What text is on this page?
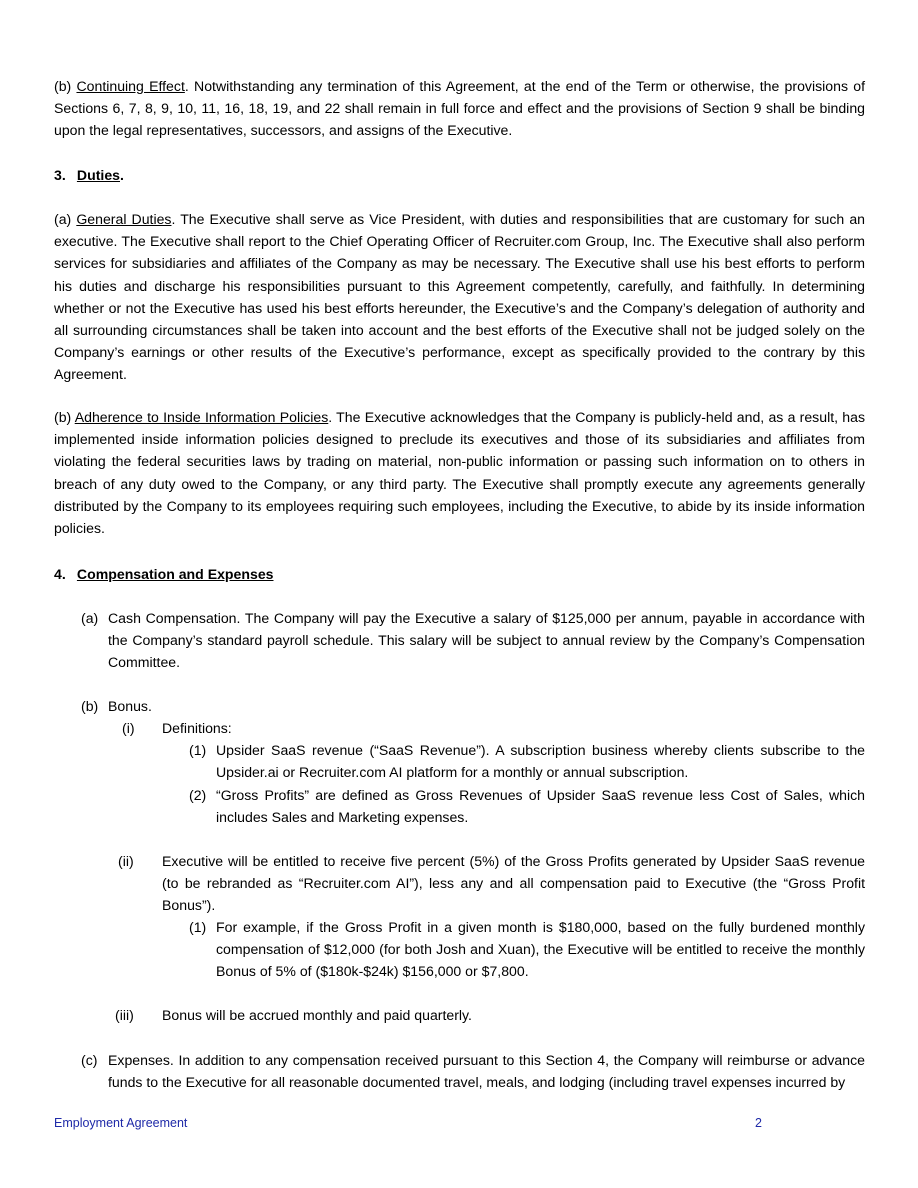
(b) Continuing Effect. Notwithstanding any termination of this Agreement, at the end of the Term or otherwise, the provisions of Sections 6, 7, 8, 9, 10, 11, 16, 18, 19, and 22 shall remain in full force and effect and the provisions of Section 9 shall be binding upon the legal representatives, successors, and assigns of the Executive.
3. Duties.
(a) General Duties. The Executive shall serve as Vice President, with duties and responsibilities that are customary for such an executive. The Executive shall report to the Chief Operating Officer of Recruiter.com Group, Inc. The Executive shall also perform services for subsidiaries and affiliates of the Company as may be necessary. The Executive shall use his best efforts to perform his duties and discharge his responsibilities pursuant to this Agreement competently, carefully, and faithfully. In determining whether or not the Executive has used his best efforts hereunder, the Executive’s and the Company’s delegation of authority and all surrounding circumstances shall be taken into account and the best efforts of the Executive shall not be judged solely on the Company’s earnings or other results of the Executive’s performance, except as specifically provided to the contrary by this Agreement.
(b) Adherence to Inside Information Policies. The Executive acknowledges that the Company is publicly-held and, as a result, has implemented inside information policies designed to preclude its executives and those of its subsidiaries and affiliates from violating the federal securities laws by trading on material, non-public information or passing such information on to others in breach of any duty owed to the Company, or any third party. The Executive shall promptly execute any agreements generally distributed by the Company to its employees requiring such employees, including the Executive, to abide by its inside information policies.
4. Compensation and Expenses
(a) Cash Compensation. The Company will pay the Executive a salary of $125,000 per annum, payable in accordance with the Company’s standard payroll schedule. This salary will be subject to annual review by the Company’s Compensation Committee.
(b) Bonus.
(i) Definitions:
(1) Upsider SaaS revenue (“SaaS Revenue”). A subscription business whereby clients subscribe to the Upsider.ai or Recruiter.com AI platform for a monthly or annual subscription.
(2) “Gross Profits” are defined as Gross Revenues of Upsider SaaS revenue less Cost of Sales, which includes Sales and Marketing expenses.
(ii) Executive will be entitled to receive five percent (5%) of the Gross Profits generated by Upsider SaaS revenue (to be rebranded as “Recruiter.com AI”), less any and all compensation paid to Executive (the “Gross Profit Bonus”).
(1) For example, if the Gross Profit in a given month is $180,000, based on the fully burdened monthly compensation of $12,000 (for both Josh and Xuan), the Executive will be entitled to receive the monthly Bonus of 5% of ($180k-$24k) $156,000 or $7,800.
(iii) Bonus will be accrued monthly and paid quarterly.
(c) Expenses. In addition to any compensation received pursuant to this Section 4, the Company will reimburse or advance funds to the Executive for all reasonable documented travel, meals, and lodging (including travel expenses incurred by
Employment Agreement	2
